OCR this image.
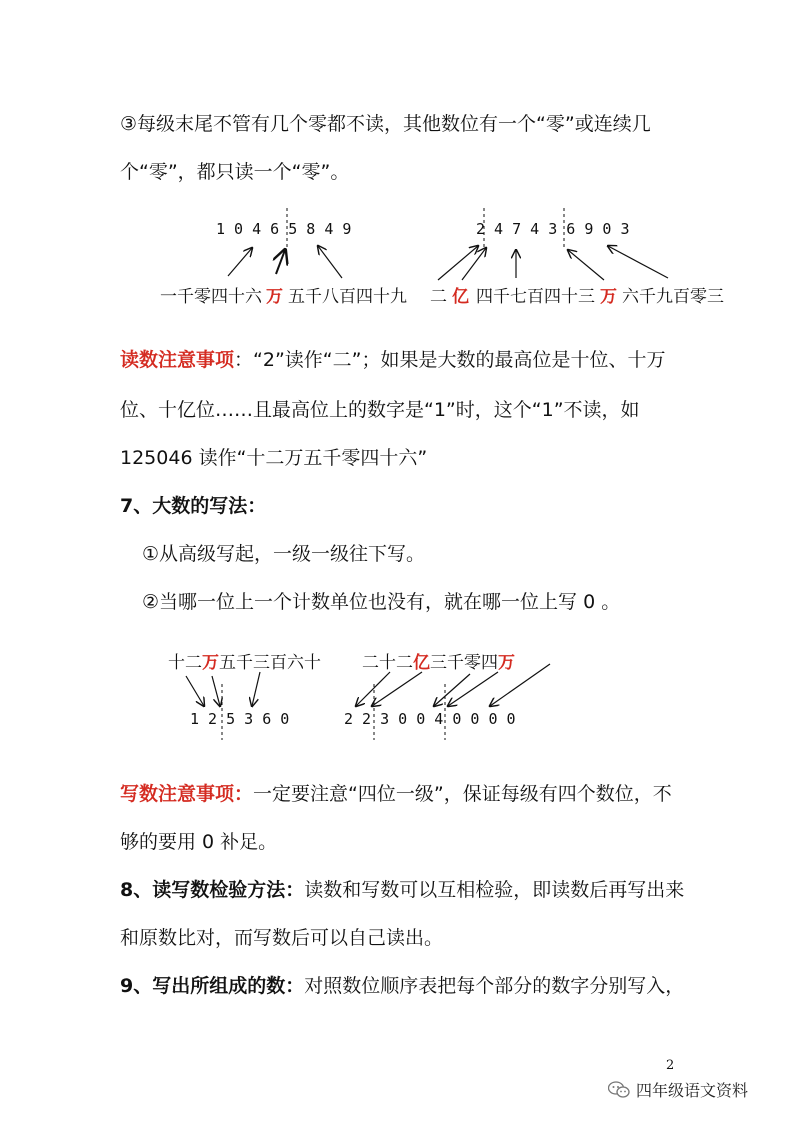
③每级末尾不管有几个零都不读，其他数位有一个“零”或连续几
个“零”，都只读一个“零”。
1 0 4 6 5 8 4 9	2 4 7 4 3 6 9 0 3
一千零四十六 万 五千八百四十九 二 亿 四千七百四十三 万 六千九百零三
读数注意事项：“2”读作“二”；如果是大数的最高位是十位、十万
位、十亿位……且最高位上的数字是“1”时，这个“1”不读，如
125046 读作“十二万五千零四十六”
7、大数的写法：
①从高级写起，一级一级往下写。
②当哪一位上一个计数单位也没有，就在哪一位上写 0 。
十二万五千三百六十
1 2 5 3 6 0
二十二亿三千零四万
2 2 3 0 0 4 0 0 0 0
写数注意事项：一定要注意“四位一级”，保证每级有四个数位，不
够的要用 0 补足。
8、读写数检验方法：读数和写数可以互相检验，即读数后再写出来
和原数比对，而写数后可以自己读出。
9、写出所组成的数：对照数位顺序表把每个部分的数字分别写入，
2
四年级语文资料
